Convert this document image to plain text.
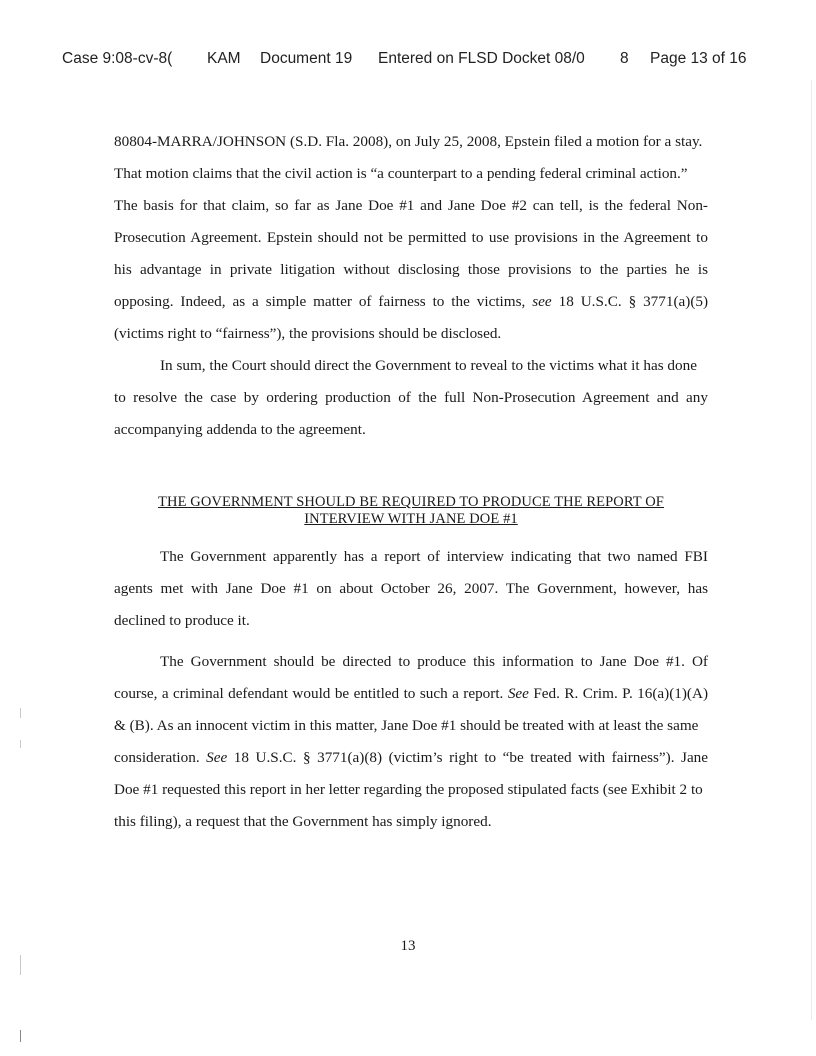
Case 9:08-cv-8( KAM Document 19 Entered on FLSD Docket 08/0 8 Page 13 of 16
80804-MARRA/JOHNSON (S.D. Fla. 2008), on July 25, 2008, Epstein filed a motion for a stay.
That motion claims that the civil action is “a counterpart to a pending federal criminal action.”
The basis for that claim, so far as Jane Doe #1 and Jane Doe #2 can tell, is the federal Non-
Prosecution Agreement. Epstein should not be permitted to use provisions in the Agreement to
his advantage in private litigation without disclosing those provisions to the parties he is
opposing. Indeed, as a simple matter of fairness to the victims, see 18 U.S.C. § 3771(a)(5)
(victims right to “fairness”), the provisions should be disclosed.
In sum, the Court should direct the Government to reveal to the victims what it has done
to resolve the case by ordering production of the full Non-Prosecution Agreement and any
accompanying addenda to the agreement.
THE GOVERNMENT SHOULD BE REQUIRED TO PRODUCE THE REPORT OF
INTERVIEW WITH JANE DOE #1
The Government apparently has a report of interview indicating that two named FBI
agents met with Jane Doe #1 on about October 26, 2007. The Government, however, has
declined to produce it.
The Government should be directed to produce this information to Jane Doe #1. Of
course, a criminal defendant would be entitled to such a report. See Fed. R. Crim. P. 16(a)(1)(A)
& (B). As an innocent victim in this matter, Jane Doe #1 should be treated with at least the same
consideration. See 18 U.S.C. § 3771(a)(8) (victim’s right to “be treated with fairness”). Jane
Doe #1 requested this report in her letter regarding the proposed stipulated facts (see Exhibit 2 to
this filing), a request that the Government has simply ignored.
13
